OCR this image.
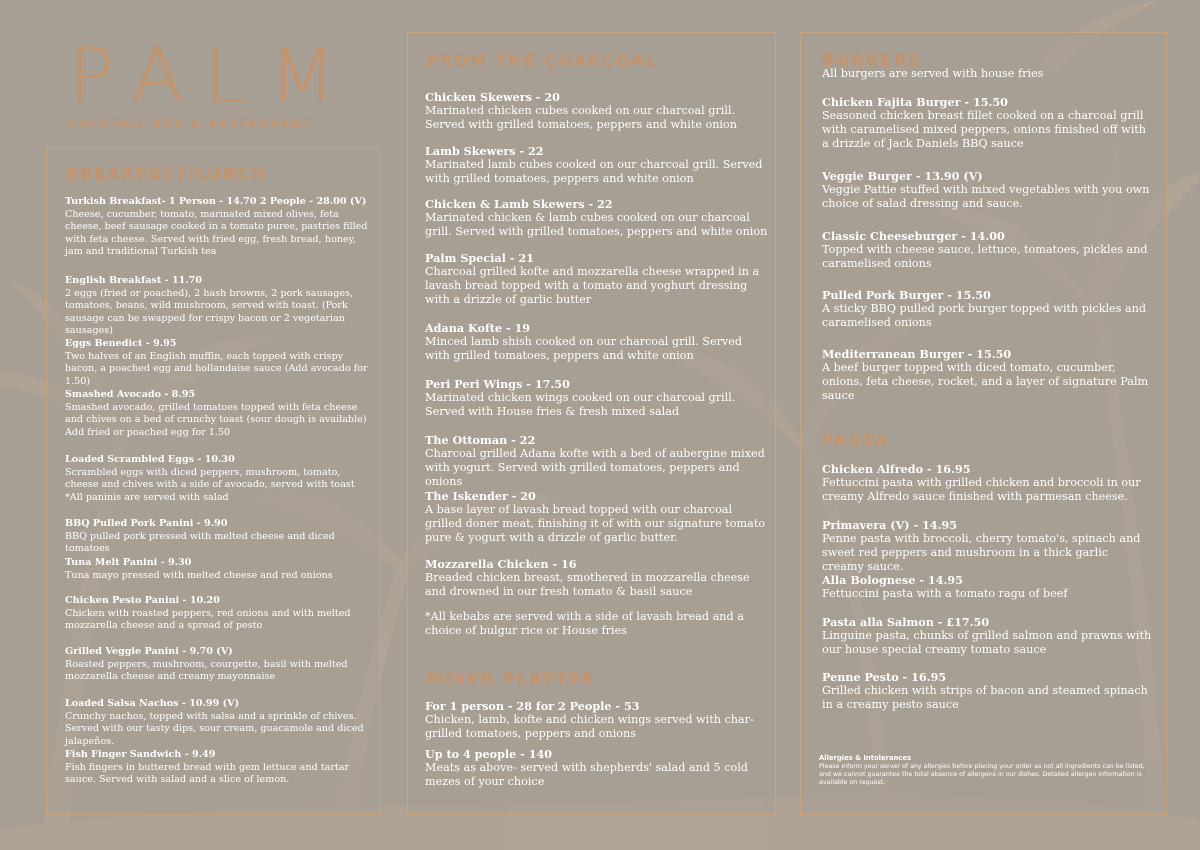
PALM
COCKTAIL BAR & RESTAURANT
BREAKFAST/LUNCH
Turkish Breakfast- 1 Person - 14.70 2 People - 28.00 (V)
Cheese, cucumber, tomato, marinated mixed olives, feta cheese, beef sausage cooked in a tomato puree, pastries filled with feta cheese. Served with fried egg, fresh bread, honey, jam and traditional Turkish tea
English Breakfast - 11.70
2 eggs (fried or poached), 2 hash browns, 2 pork sausages, tomatoes, beans, wild mushroom, served with toast. (Pork sausage can be swapped for crispy bacon or 2 vegetarian sausages)
Eggs Benedict - 9.95
Two halves of an English muffin, each topped with crispy bacon, a poached egg and hollandaise sauce (Add avocado for 1.50)
Smashed Avocado - 8.95
Smashed avocado, grilled tomatoes topped with feta cheese and chives on a bed of crunchy toast (sour dough is available) Add fried or poached egg for 1.50
Loaded Scrambled Eggs - 10.30
Scrambled eggs with diced peppers, mushroom, tomato, cheese and chives with a side of avocado, served with toast *All paninis are served with salad
BBQ Pulled Pork Panini - 9.90
BBQ pulled pork pressed with melted cheese and diced tomatoes
Tuna Melt Panini - 9.30
Tuna mayo pressed with melted cheese and red onions
Chicken Pesto Panini - 10.20
Chicken with roasted peppers, red onions and with melted mozzarella cheese and a spread of pesto
Grilled Veggie Panini - 9.70 (V)
Roasted peppers, mushroom, courgette, basil with melted mozzarella cheese and creamy mayonnaise
Loaded Salsa Nachos - 10.99 (V)
Crunchy nachos, topped with salsa and a sprinkle of chives. Served with our tasty dips, sour cream, guacamole and diced jalapeños.
Fish Finger Sandwich - 9.49
Fish fingers in buttered bread with gem lettuce and tartar sauce. Served with salad and a slice of lemon.
FROM THE CHARCOAL
Chicken Skewers - 20
Marinated chicken cubes cooked on our charcoal grill. Served with grilled tomatoes, peppers and white onion
Lamb Skewers - 22
Marinated lamb cubes cooked on our charcoal grill. Served with grilled tomatoes, peppers and white onion
Chicken & Lamb Skewers - 22
Marinated chicken & lamb cubes cooked on our charcoal grill. Served with grilled tomatoes, peppers and white onion
Palm Special - 21
Charcoal grilled kofte and mozzarella cheese wrapped in a lavash bread topped with a tomato and yoghurt dressing with a drizzle of garlic butter
Adana Kofte - 19
Minced lamb shish cooked on our charcoal grill. Served with grilled tomatoes, peppers and white onion
Peri Peri Wings - 17.50
Marinated chicken wings cooked on our charcoal grill. Served with House fries & fresh mixed salad
The Ottoman - 22
Charcoal grilled Adana kofte with a bed of aubergine mixed with yogurt. Served with grilled tomatoes, peppers and onions
The Iskender - 20
A base layer of lavash bread topped with our charcoal grilled doner meat, finishing it of with our signature tomato pure & yogurt with a drizzle of garlic butter.
Mozzarella Chicken - 16
Breaded chicken breast, smothered in mozzarella cheese and drowned in our fresh tomato & basil sauce
*All kebabs are served with a side of lavash bread and a choice of bulgur rice or House fries
MIXED PLATTER
For 1 person - 28 for 2 People - 53
Chicken, lamb, kofte and chicken wings served with char-grilled tomatoes, peppers and onions
Up to 4 people - 140
Meats as above- served with shepherds' salad and 5 cold mezes of your choice
BURGERS
All burgers are served with house fries
Chicken Fajita Burger - 15.50
Seasoned chicken breast fillet cooked on a charcoal grill with caramelised mixed peppers, onions finished off with a drizzle of Jack Daniels BBQ sauce
Veggie Burger - 13.90 (V)
Veggie Pattie stuffed with mixed vegetables with you own choice of salad dressing and sauce.
Classic Cheeseburger - 14.00
Topped with cheese sauce, lettuce, tomatoes, pickles and caramelised onions
Pulled Pork Burger - 15.50
A sticky BBQ pulled pork burger topped with pickles and caramelised onions
Mediterranean Burger - 15.50
A beef burger topped with diced tomato, cucumber, onions, feta cheese, rocket, and a layer of signature Palm sauce
PASTA
Chicken Alfredo - 16.95
Fettuccini pasta with grilled chicken and broccoli in our creamy Alfredo sauce finished with parmesan cheese.
Primavera (V) - 14.95
Penne pasta with broccoli, cherry tomato's, spinach and sweet red peppers and mushroom in a thick garlic creamy sauce.
Alla Bolognese - 14.95
Fettuccini pasta with a tomato ragu of beef
Pasta alla Salmon - £17.50
Linguine pasta, chunks of grilled salmon and prawns with our house special creamy tomato sauce
Penne Pesto - 16.95
Grilled chicken with strips of bacon and steamed spinach in a creamy pesto sauce
Allergies & Intolerances
Please inform your server of any allergies before placing your order as not all ingredients can be listed, and we cannot guarantee the total absence of allergens in our dishes. Detailed allergen information is available on request.
